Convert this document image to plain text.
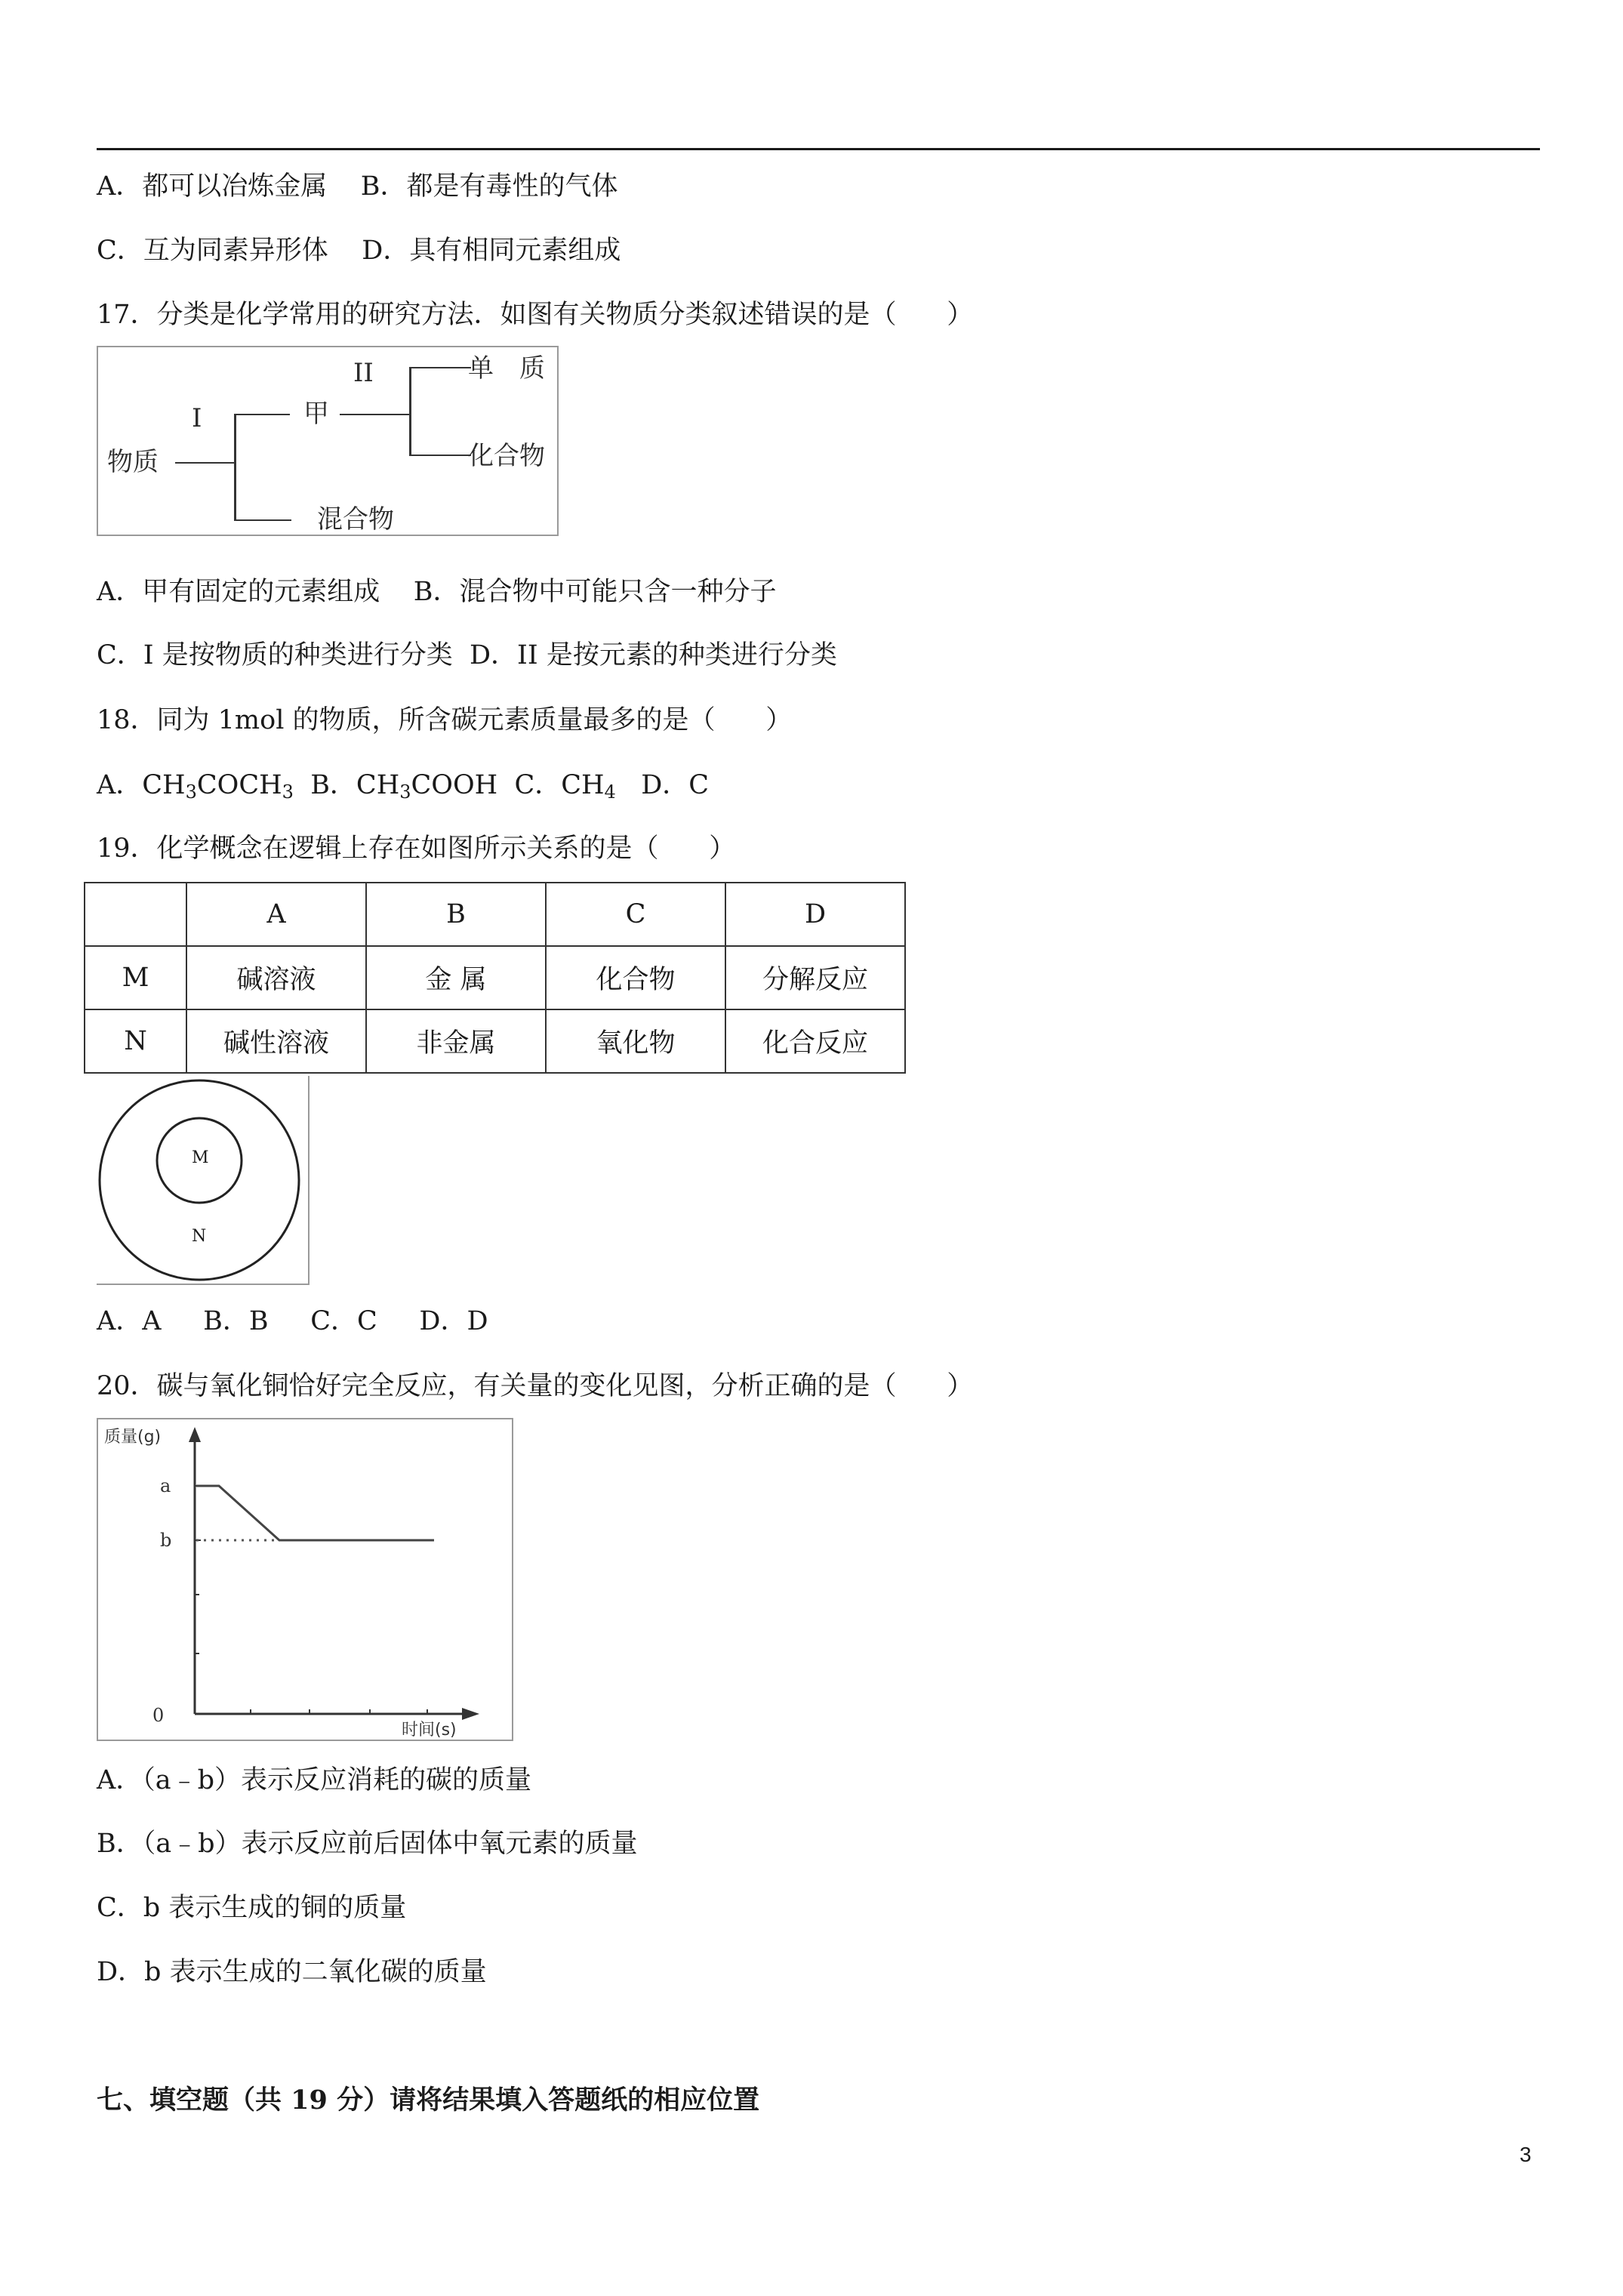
A．都可以冶炼金属    B．都是有毒性的气体
C．互为同素异形体    D．具有相同元素组成
17．分类是化学常用的研究方法．如图有关物质分类叙述错误的是（      ）
物质
I	甲
II	单　质
化合物
混合物
A．甲有固定的元素组成    B．混合物中可能只含一种分子
C．I 是按物质的种类进行分类  D．II 是按元素的种类进行分类
18．同为 1mol 的物质，所含碳元素质量最多的是（      ）
A．$CH_3COCH_3$  B．$CH_3COOH$  C．$CH_4$   D．C
19．化学概念在逻辑上存在如图所示关系的是（      ）
	A	B	C	D
M	碱溶液	金 属	化合物	分解反应
N	碱性溶液	非金属	氧化物	化合反应
M
N
A．A     B．B     C．C     D．D
20．碳与氧化铜恰好完全反应，有关量的变化见图，分析正确的是（      ）
质量(g)
a
b
0
时间(s)
A．（a﹣b）表示反应消耗的碳的质量
B．（a﹣b）表示反应前后固体中氧元素的质量
C．b 表示生成的铜的质量
D．b 表示生成的二氧化碳的质量
七、填空题（共 19 分）请将结果填入答题纸的相应位置
3
